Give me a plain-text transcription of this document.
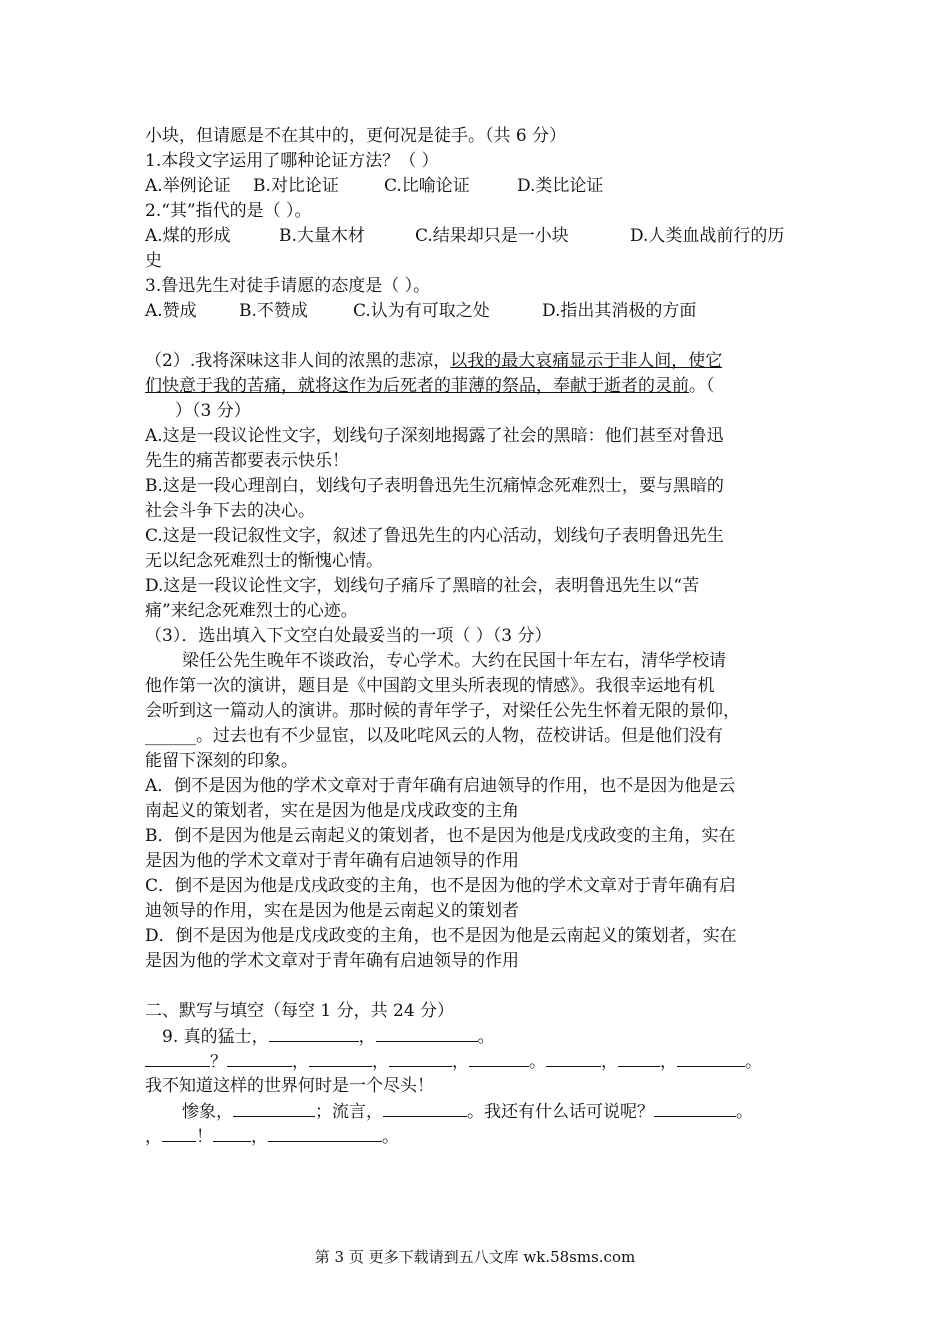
小块，但请愿是不在其中的，更何况是徒手。（共 6 分）

1.本段文字运用了哪种论证方法？（ ）

A.举例论证 B.对比论证	C.比喻论证	D.类比论证

2.“其”指代的是（ ）。

A.煤的形成	B.大量木材	C.结果却只是一小块	D.人类血战前行的历

史

3.鲁迅先生对徒手请愿的态度是（ ）。

A.赞成 B.不赞成	C.认为有可取之处	D.指出其消极的方面

（2）.我将深味这非人间的浓黑的悲凉，以我的最大哀痛显示于非人间，使它

们快意于我的苦痛，就将这作为后死者的菲薄的祭品，奉献于逝者的灵前。（

）（3 分）

A.这是一段议论性文字，划线句子深刻地揭露了社会的黑暗：他们甚至对鲁迅

先生的痛苦都要表示快乐！

B.这是一段心理剖白，划线句子表明鲁迅先生沉痛悼念死难烈士，要与黑暗的

社会斗争下去的决心。

C.这是一段记叙性文字，叙述了鲁迅先生的内心活动，划线句子表明鲁迅先生

无以纪念死难烈士的惭愧心情。

D.这是一段议论性文字，划线句子痛斥了黑暗的社会，表明鲁迅先生以“苦

痛”来纪念死难烈士的心迹。

（3）．选出填入下文空白处最妥当的一项（ ）（3 分）

梁任公先生晚年不谈政治，专心学术。大约在民国十年左右，清华学校请

他作第一次的演讲，题目是《中国韵文里头所表现的情感》。我很幸运地有机

会听到这一篇动人的演讲。那时候的青年学子，对梁任公先生怀着无限的景仰，

______。过去也有不少显宦，以及叱咤风云的人物，莅校讲话。但是他们没有

能留下深刻的印象。

A．倒不是因为他的学术文章对于青年确有启迪领导的作用，也不是因为他是云

南起义的策划者，实在是因为他是戊戌政变的主角

B．倒不是因为他是云南起义的策划者，也不是因为他是戊戌政变的主角，实在

是因为他的学术文章对于青年确有启迪领导的作用

C．倒不是因为他是戊戌政变的主角，也不是因为他的学术文章对于青年确有启

迪领导的作用，实在是因为他是云南起义的策划者

D．倒不是因为他是戊戌政变的主角，也不是因为他是云南起义的策划者，实在

是因为他的学术文章对于青年确有启迪领导的作用

二、默写与填空（每空 1 分，共 24 分）

9. 真的猛士，	，	。

？	，	，	，	。	， ，	。

我不知道这样的世界何时是一个尽头！

惨象，	；流言，	。我还有什么话可说呢？	。

， ！ ，	。

第 3 页 更多下载请到五八文库 wk.58sms.com
